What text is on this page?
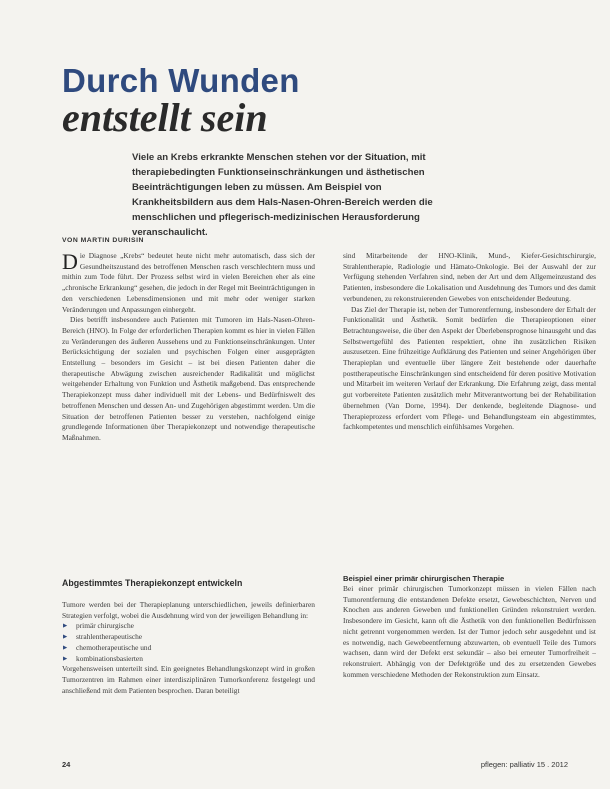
Durch Wunden
entstellt sein

Viele an Krebs erkrankte Menschen stehen vor der Situation, mit therapiebedingten Funktionseinschränkungen und ästhetischen Beeinträchtigungen leben zu müssen. Am Beispiel von Krankheitsbildern aus dem Hals-Nasen-Ohren-Bereich werden die menschlichen und pflegerisch-medizinischen Herausforderung veranschaulicht.

VON MARTIN DURISIN

Die Diagnose „Krebs“ bedeutet heute nicht mehr automatisch, dass sich der Gesundheitszustand des betroffenen Menschen rasch verschlechtern muss und mithin zum Tode führt. Der Prozess selbst wird in vielen Bereichen eher als eine „chronische Erkrankung“ gesehen, die jedoch in der Regel mit Beeinträchtigungen in den verschiedenen Lebensdimensionen und mit mehr oder weniger starken Veränderungen und Anpassungen einhergeht.

Dies betrifft insbesondere auch Patienten mit Tumoren im Hals-Nasen-Ohren-Bereich (HNO). In Folge der erforderlichen Therapien kommt es hier in vielen Fällen zu Veränderungen des äußeren Aussehens und zu Funktionseinschränkungen. Unter Berücksichtigung der sozialen und psychischen Folgen einer ausgeprägten Entstellung – besonders im Gesicht – ist bei diesen Patienten daher die therapeutische Abwägung zwischen ausreichender Radikalität und möglichst weitgehender Erhaltung von Funktion und Ästhetik maßgebend. Das entsprechende Therapiekonzept muss daher individuell mit der Lebens- und Bedürfniswelt des betroffenen Menschen und dessen An- und Zugehörigen abgestimmt werden. Um die Situation der betroffenen Patienten besser zu verstehen, nachfolgend einige grundlegende Informationen über Therapiekonzept und notwendige therapeutische Maßnahmen.

sind Mitarbeitende der HNO-Klinik, Mund-, Kiefer-Gesichtschirurgie, Strahlentherapie, Radiologie und Hämato-Onkologie. Bei der Auswahl der zur Verfügung stehenden Verfahren sind, neben der Art und dem Allgemeinzustand des Patienten, insbesondere die Lokalisation und Ausdehnung des Tumors und des damit verbundenen, zu rekonstruierenden Gewebes von entscheidender Bedeutung.

Das Ziel der Therapie ist, neben der Tumorentfernung, insbesondere der Erhalt der Funktionalität und Ästhetik. Somit bedürfen die Therapieoptionen einer Betrachtungsweise, die über den Aspekt der Überlebensprognose hinausgeht und das Selbstwertgefühl des Patienten respektiert, ohne ihn zusätzlichen Risiken auszusetzen. Eine frühzeitige Aufklärung des Patienten und seiner Angehörigen über Therapieplan und eventuelle über längere Zeit bestehende oder dauerhafte posttherapeutische Einschränkungen sind entscheidend für deren positive Motivation und Mitarbeit im weiteren Verlauf der Erkrankung. Die Erfahrung zeigt, dass mental gut vorbereitete Patienten zusätzlich mehr Mitverantwortung bei der Rehabilitation übernehmen (Van Dorne, 1994). Der denkende, begleitende Diagnose- und Therapieprozess erfordert vom Pflege- und Behandlungsteam ein abgestimmtes, fachkompetentes und menschlich einfühlsames Vorgehen.

Abgestimmtes Therapiekonzept entwickeln

Tumore werden bei der Therapieplanung unterschiedlichen, jeweils definierbaren Strategien verfolgt, wobei die Ausdehnung wird von der jeweiligen Behandlung in:

▶ primär chirurgische
▶ strahlentherapeutische
▶ chemotherapeutische und
▶ kombinationsbasierten

Vorgehensweisen unterteilt sind. Ein geeignetes Behandlungskonzept wird in großen Tumorzentren im Rahmen einer interdisziplinären Tumorkonferenz festgelegt und anschließend mit dem Patienten besprochen. Daran beteiligt

Beispiel einer primär chirurgischen Therapie

Bei einer primär chirurgischen Tumorkonzept müssen in vielen Fällen nach Tumorentfernung die entstandenen Defekte ersetzt, Gewebeschichten, Nerven und Knochen aus anderen Geweben und funktionellen Gründen rekonstruiert werden. Insbesondere im Gesicht, kann oft die Ästhetik von den funktionellen Bedürfnissen nicht getrennt vorgenommen werden. Ist der Tumor jedoch sehr ausgedehnt und ist es notwendig, nach Gewebeentfernung abzuwarten, ob eventuell Teile des Tumors wachsen, dann wird der Defekt erst sekundär – also bei erneuter Tumorfreiheit – rekonstruiert. Abhängig von der Defektgröße und des zu ersetzenden Gewebes kommen verschiedene Methoden der Rekonstruktion zum Einsatz.

24	pflegen: palliativ 15 . 2012
